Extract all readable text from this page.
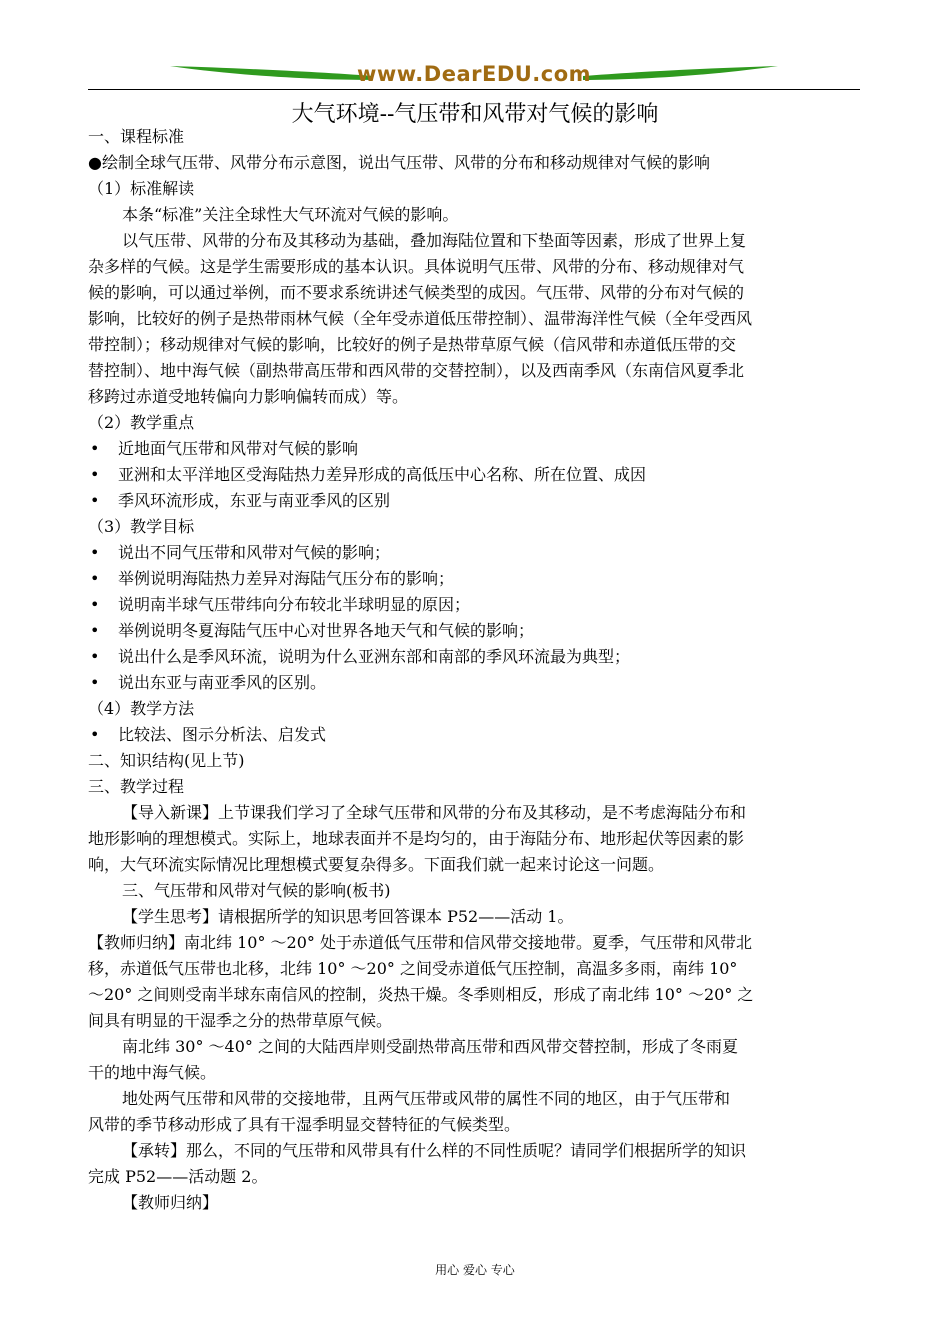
www.DearEDU.com
大气环境--气压带和风带对气候的影响

一、课程标准

●绘制全球气压带、风带分布示意图，说出气压带、风带的分布和移动规律对气候的影响

（1）标准解读

本条“标准”关注全球性大气环流对气候的影响。

以气压带、风带的分布及其移动为基础，叠加海陆位置和下垫面等因素，形成了世界上复

杂多样的气候。这是学生需要形成的基本认识。具体说明气压带、风带的分布、移动规律对气

候的影响，可以通过举例，而不要求系统讲述气候类型的成因。气压带、风带的分布对气候的

影响，比较好的例子是热带雨林气候（全年受赤道低压带控制）、温带海洋性气候（全年受西风

带控制）；移动规律对气候的影响，比较好的例子是热带草原气候（信风带和赤道低压带的交

替控制）、地中海气候（副热带高压带和西风带的交替控制），以及西南季风（东南信风夏季北

移跨过赤道受地转偏向力影响偏转而成）等。

（2）教学重点

• 近地面气压带和风带对气候的影响
• 亚洲和太平洋地区受海陆热力差异形成的高低压中心名称、所在位置、成因
• 季风环流形成，东亚与南亚季风的区别

（3）教学目标

• 说出不同气压带和风带对气候的影响；
• 举例说明海陆热力差异对海陆气压分布的影响；
• 说明南半球气压带纬向分布较北半球明显的原因；
• 举例说明冬夏海陆气压中心对世界各地天气和气候的影响；
• 说出什么是季风环流，说明为什么亚洲东部和南部的季风环流最为典型；
• 说出东亚与南亚季风的区别。

（4）教学方法

• 比较法、图示分析法、启发式

二、知识结构(见上节)

三、教学过程

【导入新课】上节课我们学习了全球气压带和风带的分布及其移动，是不考虑海陆分布和

地形影响的理想模式。实际上，地球表面并不是均匀的，由于海陆分布、地形起伏等因素的影

响，大气环流实际情况比理想模式要复杂得多。下面我们就一起来讨论这一问题。

三、气压带和风带对气候的影响(板书)

【学生思考】请根据所学的知识思考回答课本 P52——活动 1。

【教师归纳】南北纬 10° ～20° 处于赤道低气压带和信风带交接地带。夏季，气压带和风带北

移，赤道低气压带也北移，北纬 10° ～20° 之间受赤道低气压控制，高温多多雨，南纬 10°

～20° 之间则受南半球东南信风的控制，炎热干燥。冬季则相反，形成了南北纬 10° ～20° 之

间具有明显的干湿季之分的热带草原气候。

南北纬 30° ～40° 之间的大陆西岸则受副热带高压带和西风带交替控制，形成了冬雨夏

干的地中海气候。

地处两气压带和风带的交接地带，且两气压带或风带的属性不同的地区，由于气压带和

风带的季节移动形成了具有干湿季明显交替特征的气候类型。

【承转】那么，不同的气压带和风带具有什么样的不同性质呢？请同学们根据所学的知识

完成 P52——活动题 2。

【教师归纳】

用心 爱心 专心
